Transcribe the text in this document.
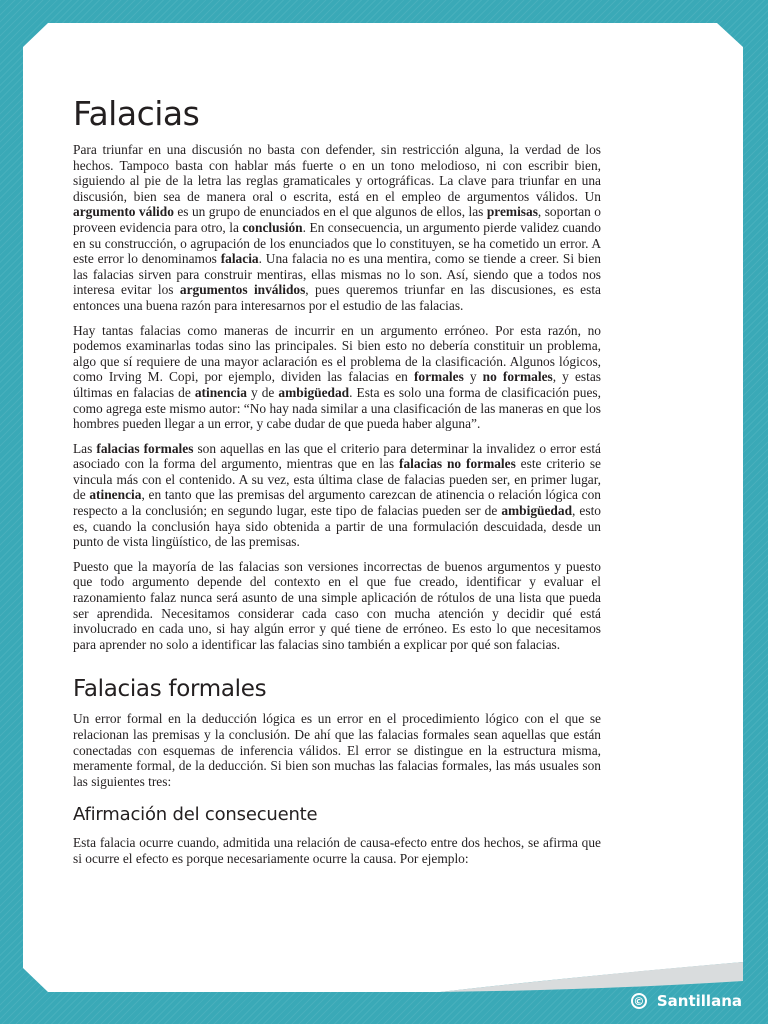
Falacias

Para triunfar en una discusión no basta con defender, sin restricción alguna, la verdad de los hechos. Tampoco basta con hablar más fuerte o en un tono melodioso, ni con escribir bien, siguiendo al pie de la letra las reglas gramaticales y ortográficas. La clave para triunfar en una discusión, bien sea de manera oral o escrita, está en el empleo de argumentos válidos. Un argumento válido es un grupo de enunciados en el que algunos de ellos, las premisas, soportan o proveen evidencia para otro, la conclusión. En consecuencia, un argumento pierde validez cuando en su construcción, o agrupación de los enunciados que lo constituyen, se ha cometido un error. A este error lo denominamos falacia. Una falacia no es una mentira, como se tiende a creer. Si bien las falacias sirven para construir mentiras, ellas mismas no lo son. Así, siendo que a todos nos interesa evitar los argumentos inválidos, pues queremos triunfar en las discusiones, es esta entonces una buena razón para interesarnos por el estudio de las falacias.

Hay tantas falacias como maneras de incurrir en un argumento erróneo. Por esta razón, no podemos examinarlas todas sino las principales. Si bien esto no debería constituir un problema, algo que sí requiere de una mayor aclaración es el problema de la clasificación. Algunos lógicos, como Irving M. Copi, por ejemplo, dividen las falacias en formales y no formales, y estas últimas en falacias de atinencia y de ambigüedad. Esta es solo una forma de clasificación pues, como agrega este mismo autor: “No hay nada similar a una clasificación de las maneras en que los hombres pueden llegar a un error, y cabe dudar de que pueda haber alguna”.

Las falacias formales son aquellas en las que el criterio para determinar la invalidez o error está asociado con la forma del argumento, mientras que en las falacias no formales este criterio se vincula más con el contenido. A su vez, esta última clase de falacias pueden ser, en primer lugar, de atinencia, en tanto que las premisas del argumento carezcan de atinencia o relación lógica con respecto a la conclusión; en segundo lugar, este tipo de falacias pueden ser de ambigüedad, esto es, cuando la conclusión haya sido obtenida a partir de una formulación descuidada, desde un punto de vista lingüístico, de las premisas.

Puesto que la mayoría de las falacias son versiones incorrectas de buenos argumentos y puesto que todo argumento depende del contexto en el que fue creado, identificar y evaluar el razonamiento falaz nunca será asunto de una simple aplicación de rótulos de una lista que pueda ser aprendida. Necesitamos considerar cada caso con mucha atención y decidir qué está involucrado en cada uno, si hay algún error y qué tiene de erróneo. Es esto lo que necesitamos para aprender no solo a identificar las falacias sino también a explicar por qué son falacias.

Falacias formales

Un error formal en la deducción lógica es un error en el procedimiento lógico con el que se relacionan las premisas y la conclusión. De ahí que las falacias formales sean aquellas que están conectadas con esquemas de inferencia válidos. El error se distingue en la estructura misma, meramente formal, de la deducción. Si bien son muchas las falacias formales, las más usuales son las siguientes tres:

Afirmación del consecuente

Esta falacia ocurre cuando, admitida una relación de causa-efecto entre dos hechos, se afirma que si ocurre el efecto es porque necesariamente ocurre la causa. Por ejemplo:

© Santillana
